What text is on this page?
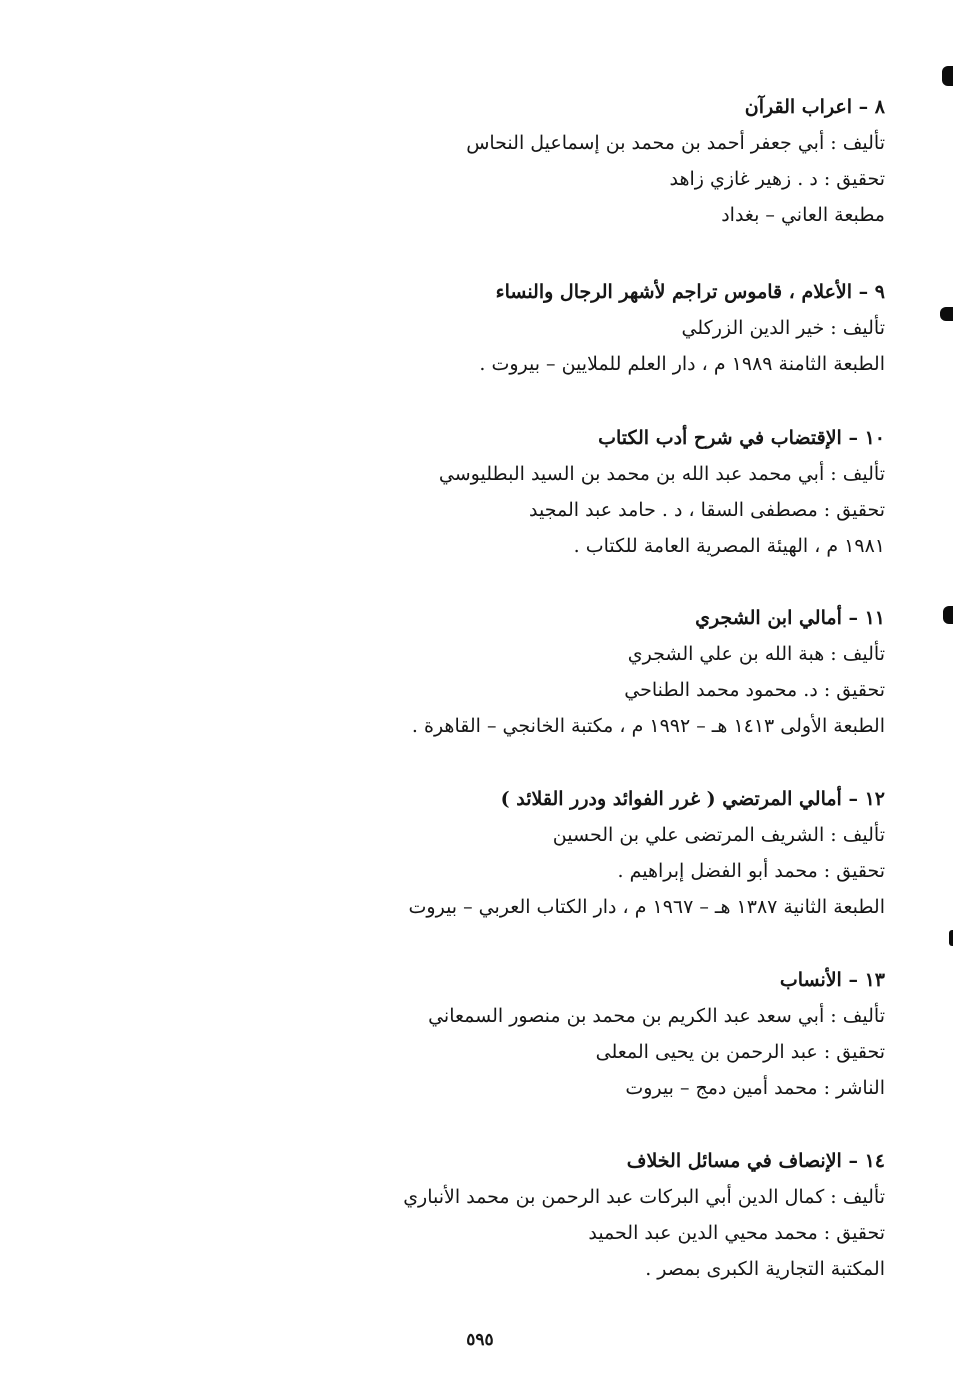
٨ – اعراب القرآن
تأليف : أبي جعفر أحمد بن محمد بن إسماعيل النحاس
تحقيق : د . زهير غازي زاهد
مطبعة العاني – بغداد
٩ – الأعلام ، قاموس تراجم لأشهر الرجال والنساء
تأليف : خير الدين الزركلي
الطبعة الثامنة ١٩٨٩ م ، دار العلم للملايين – بيروت .
١٠ – الإقتضاب في شرح أدب الكتاب
تأليف : أبي محمد عبد الله بن محمد بن السيد البطليوسي
تحقيق : مصطفى السقا ، د . حامد عبد المجيد
١٩٨١ م ، الهيئة المصرية العامة للكتاب .
١١ – أمالي ابن الشجري
تأليف : هبة الله بن علي الشجري
تحقيق : د. محمود محمد الطناحي
الطبعة الأولى ١٤١٣ هـ – ١٩٩٢ م ، مكتبة الخانجي – القاهرة .
١٢ – أمالي المرتضي ( غرر الفوائد ودرر القلائد )
تأليف : الشريف المرتضى علي بن الحسين
تحقيق : محمد أبو الفضل إبراهيم .
الطبعة الثانية ١٣٨٧ هـ – ١٩٦٧ م ، دار الكتاب العربي – بيروت
١٣ – الأنساب
تأليف : أبي سعد عبد الكريم بن محمد بن منصور السمعاني
تحقيق : عبد الرحمن بن يحيى المعلى
الناشر : محمد أمين دمج – بيروت
١٤ – الإنصاف في مسائل الخلاف
تأليف : كمال الدين أبي البركات عبد الرحمن بن محمد الأنباري
تحقيق : محمد محيي الدين عبد الحميد
المكتبة التجارية الكبرى بمصر .
٥٩٥
